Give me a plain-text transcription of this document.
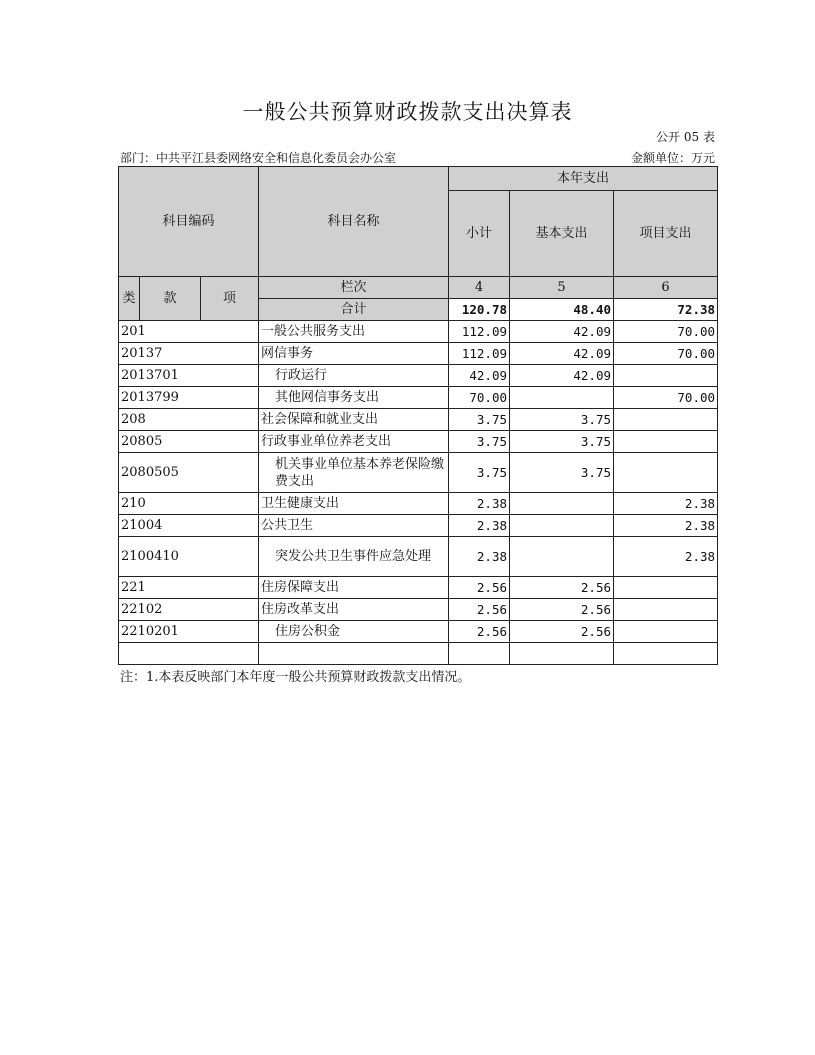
一般公共预算财政拨款支出决算表
公开 05 表
部门：中共平江县委网络安全和信息化委员会办公室	金额单位：万元
科目编码			科目名称	本年支出		
				小计	基本支出	项目支出
类	款	项	栏次	4	5	6
			合计	120.78	48.40	72.38
201			一般公共服务支出	112.09	42.09	70.00
20137			网信事务	112.09	42.09	70.00
2013701			行政运行	42.09	42.09	
2013799			其他网信事务支出	70.00		70.00
208			社会保障和就业支出	3.75	3.75	
20805			行政事业单位养老支出	3.75	3.75	
2080505			机关事业单位基本养老保险缴费支出	3.75	3.75	
210			卫生健康支出	2.38		2.38
21004			公共卫生	2.38		2.38
2100410			突发公共卫生事件应急处理	2.38		2.38
221			住房保障支出	2.56	2.56	
22102			住房改革支出	2.56	2.56	
2210201			住房公积金	2.56	2.56	

注：1.本表反映部门本年度一般公共预算财政拨款支出情况。
